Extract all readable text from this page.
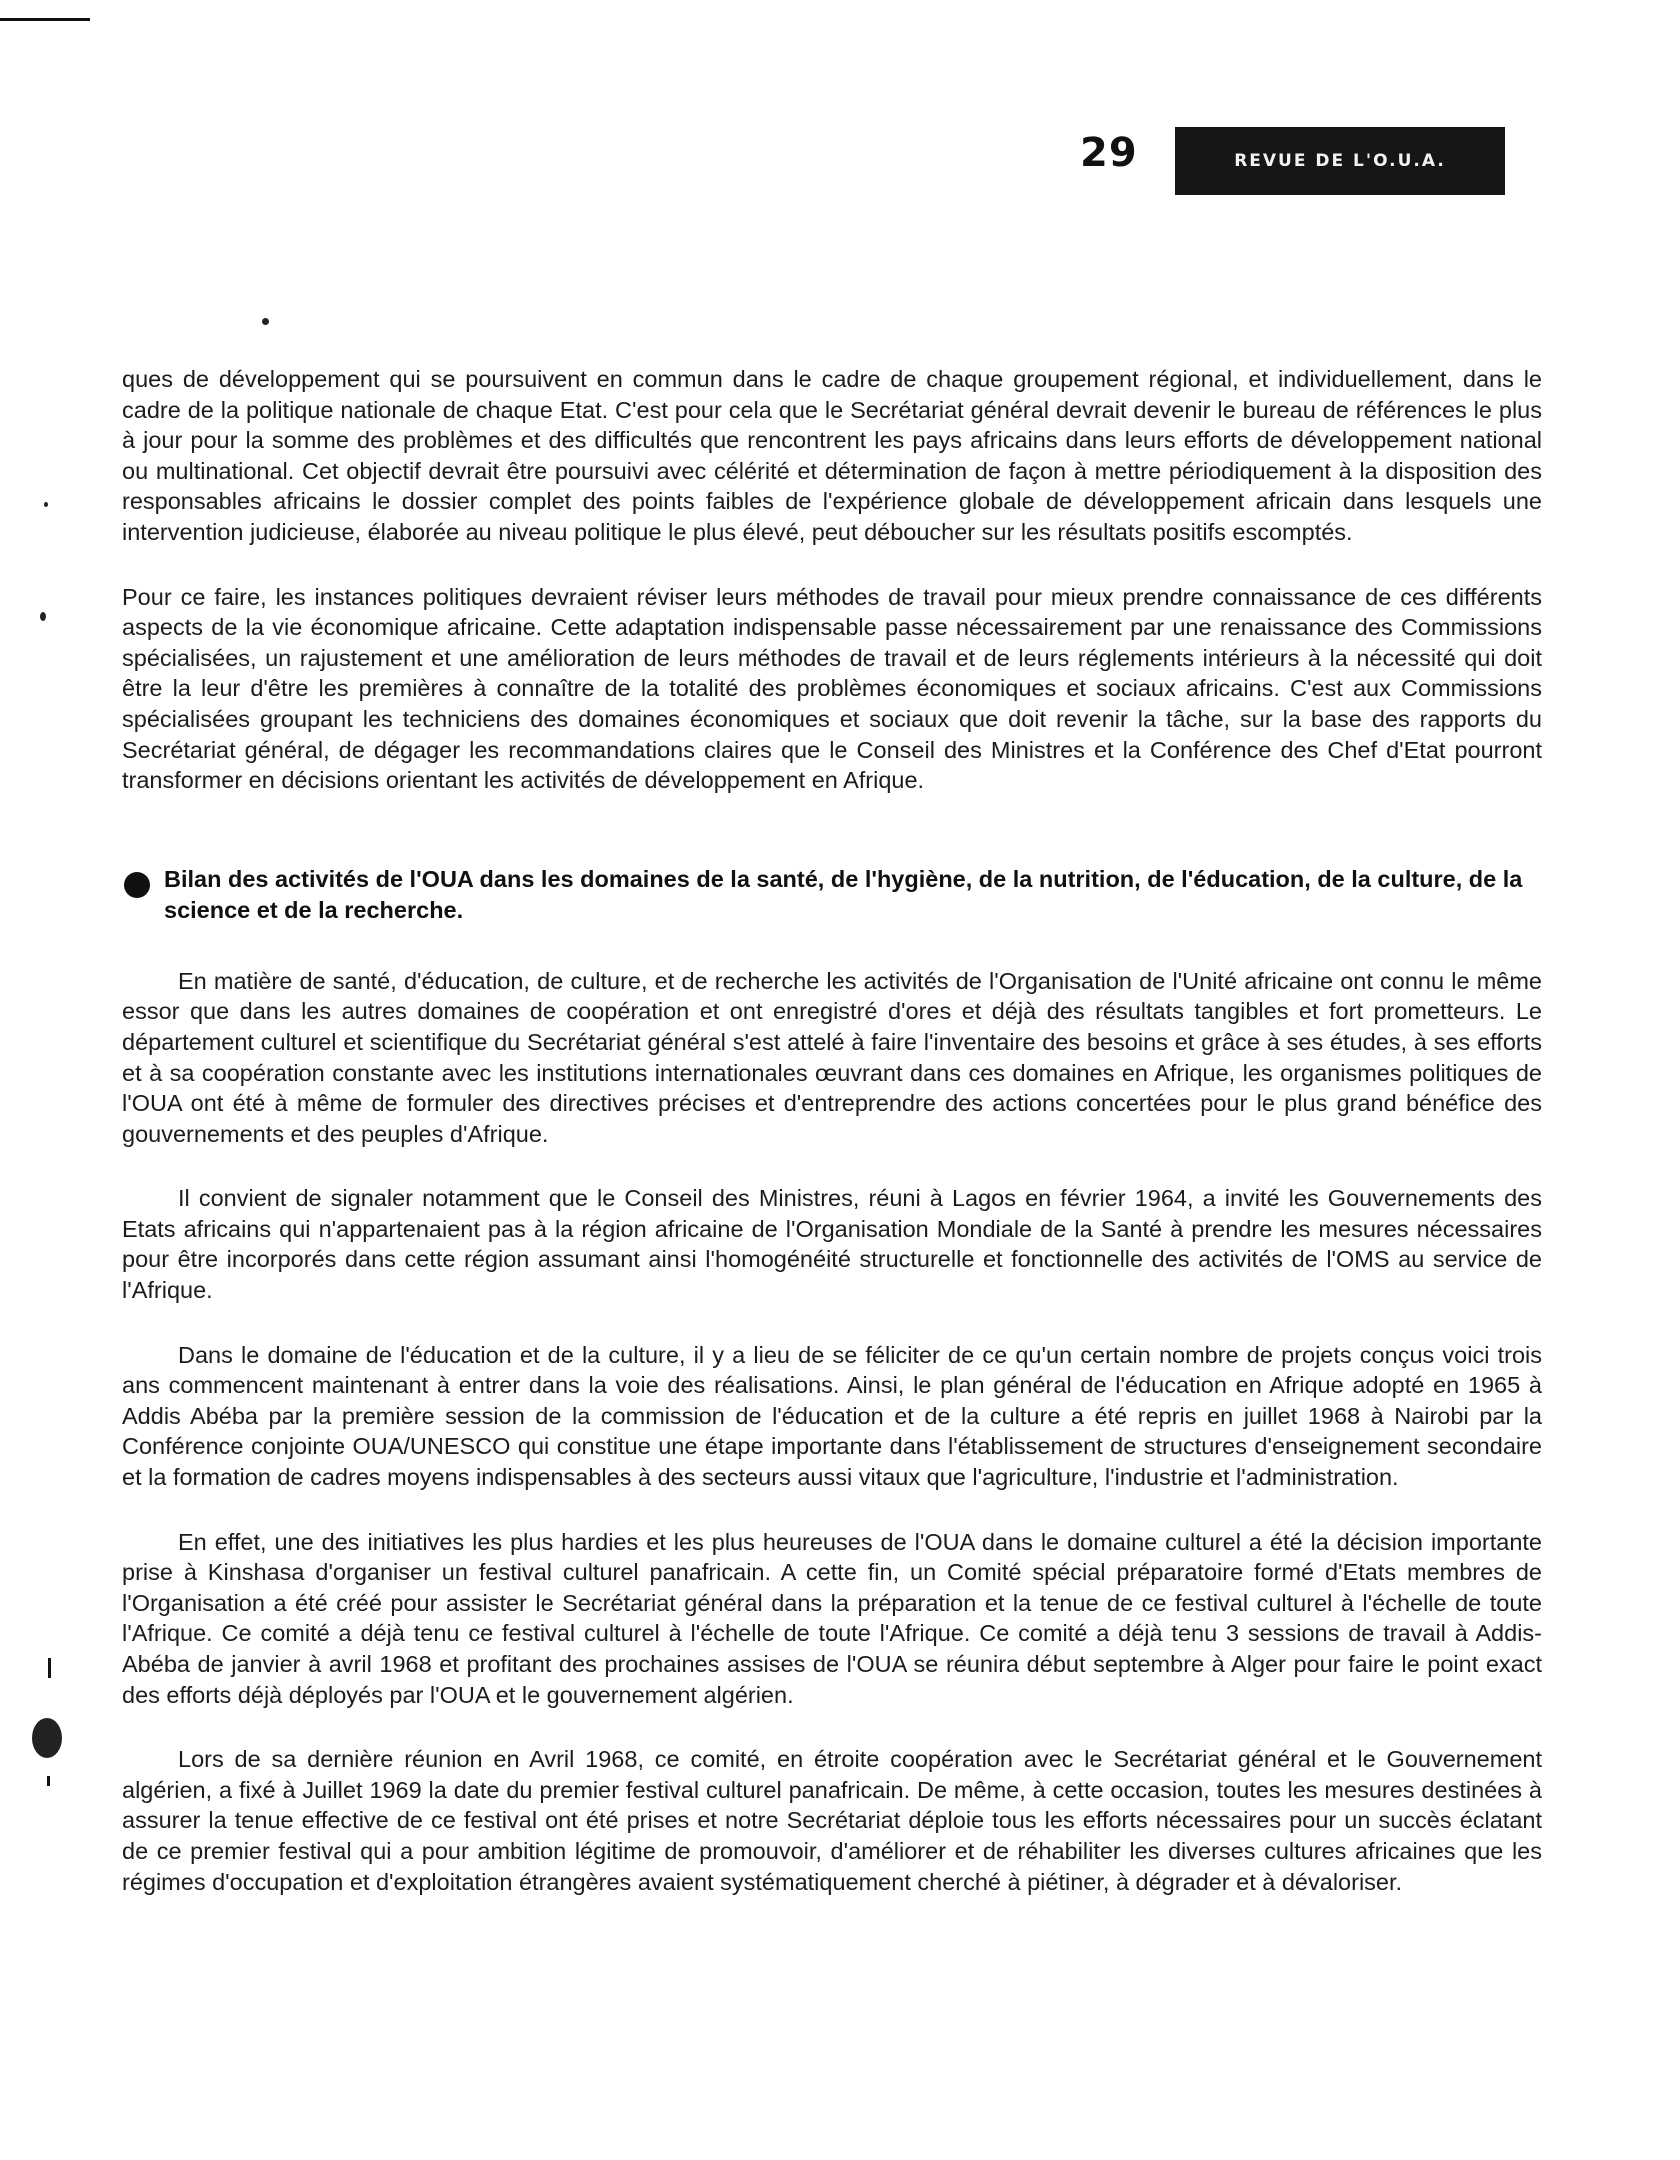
29	REVUE DE L'O.U.A.

ques de développement qui se poursuivent en commun dans le cadre de chaque groupement régional, et individuellement, dans le cadre de la politique nationale de chaque Etat. C'est pour cela que le Secrétariat général devrait devenir le bureau de références le plus à jour pour la somme des problèmes et des difficultés que rencontrent les pays africains dans leurs efforts de développement national ou multinational. Cet objectif devrait être poursuivi avec célérité et détermination de façon à mettre périodiquement à la disposition des responsables africains le dossier complet des points faibles de l'expérience globale de développement africain dans lesquels une intervention judicieuse, élaborée au niveau politique le plus élevé, peut déboucher sur les résultats positifs escomptés.

Pour ce faire, les instances politiques devraient réviser leurs méthodes de travail pour mieux prendre connaissance de ces différents aspects de la vie économique africaine. Cette adaptation indispensable passe nécessairement par une renaissance des Commissions spécialisées, un rajustement et une amélioration de leurs méthodes de travail et de leurs réglements intérieurs à la nécessité qui doit être la leur d'être les premières à connaître de la totalité des problèmes économiques et sociaux africains. C'est aux Commissions spécialisées groupant les techniciens des domaines économiques et sociaux que doit revenir la tâche, sur la base des rapports du Secrétariat général, de dégager les recommandations claires que le Conseil des Ministres et la Conférence des Chef d'Etat pourront transformer en décisions orientant les activités de développement en Afrique.

Bilan des activités de l'OUA dans les domaines de la santé, de l'hygiène, de la nutrition, de l'éducation, de la culture, de la science et de la recherche.

En matière de santé, d'éducation, de culture, et de recherche les activités de l'Organisation de l'Unité africaine ont connu le même essor que dans les autres domaines de coopération et ont enregistré d'ores et déjà des résultats tangibles et fort prometteurs. Le département culturel et scientifique du Secrétariat général s'est attelé à faire l'inventaire des besoins et grâce à ses études, à ses efforts et à sa coopération constante avec les institutions internationales œuvrant dans ces domaines en Afrique, les organismes politiques de l'OUA ont été à même de formuler des directives précises et d'entreprendre des actions concertées pour le plus grand bénéfice des gouvernements et des peuples d'Afrique.

Il convient de signaler notamment que le Conseil des Ministres, réuni à Lagos en février 1964, a invité les Gouvernements des Etats africains qui n'appartenaient pas à la région africaine de l'Organisation Mondiale de la Santé à prendre les mesures nécessaires pour être incorporés dans cette région assumant ainsi l'homogénéité structurelle et fonctionnelle des activités de l'OMS au service de l'Afrique.

Dans le domaine de l'éducation et de la culture, il y a lieu de se féliciter de ce qu'un certain nombre de projets conçus voici trois ans commencent maintenant à entrer dans la voie des réalisations. Ainsi, le plan général de l'éducation en Afrique adopté en 1965 à Addis Abéba par la première session de la commission de l'éducation et de la culture a été repris en juillet 1968 à Nairobi par la Conférence conjointe OUA/UNESCO qui constitue une étape importante dans l'établissement de structures d'enseignement secondaire et la formation de cadres moyens indispensables à des secteurs aussi vitaux que l'agriculture, l'industrie et l'administration.

En effet, une des initiatives les plus hardies et les plus heureuses de l'OUA dans le domaine culturel a été la décision importante prise à Kinshasa d'organiser un festival culturel panafricain. A cette fin, un Comité spécial préparatoire formé d'Etats membres de l'Organisation a été créé pour assister le Secrétariat général dans la préparation et la tenue de ce festival culturel à l'échelle de toute l'Afrique. Ce comité a déjà tenu ce festival culturel à l'échelle de toute l'Afrique. Ce comité a déjà tenu 3 sessions de travail à Addis-Abéba de janvier à avril 1968 et profitant des prochaines assises de l'OUA se réunira début septembre à Alger pour faire le point exact des efforts déjà déployés par l'OUA et le gouvernement algérien.

Lors de sa dernière réunion en Avril 1968, ce comité, en étroite coopération avec le Secrétariat général et le Gouvernement algérien, a fixé à Juillet 1969 la date du premier festival culturel panafricain. De même, à cette occasion, toutes les mesures destinées à assurer la tenue effective de ce festival ont été prises et notre Secrétariat déploie tous les efforts nécessaires pour un succès éclatant de ce premier festival qui a pour ambition légitime de promouvoir, d'améliorer et de réhabiliter les diverses cultures africaines que les régimes d'occupation et d'exploitation étrangères avaient systématiquement cherché à piétiner, à dégrader et à dévaloriser.
